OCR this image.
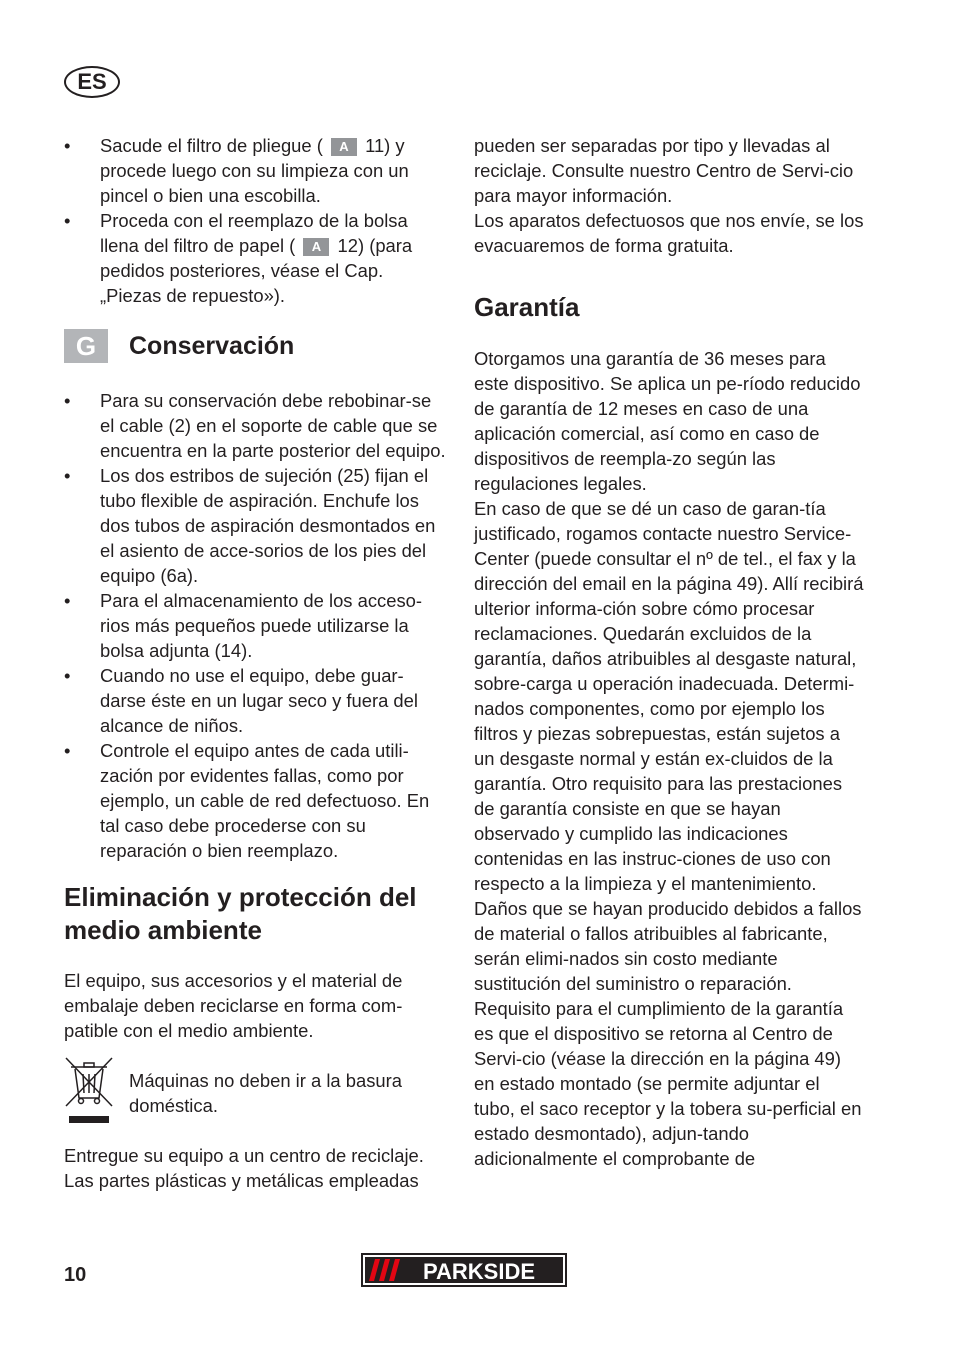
ES
• Sacude el filtro de pliegue ( A 11) y procede luego con su limpieza con un pincel o bien una escobilla.
• Proceda con el reemplazo de la bolsa llena del filtro de papel ( A 12) (para pedidos posteriores, véase el Cap. „Piezas de repuesto»).
G	Conservación
• Para su conservación debe rebobinar-se el cable (2) en el soporte de cable que se encuentra en la parte posterior del equipo.
• Los dos estribos de sujeción (25) fijan el tubo flexible de aspiración. Enchufe los dos tubos de aspiración desmontados en el asiento de acce-sorios de los pies del equipo (6a).
• Para el almacenamiento de los acceso-rios más pequeños puede utilizarse la bolsa adjunta (14).
• Cuando no use el equipo, debe guar-darse éste en un lugar seco y fuera del alcance de niños.
• Controle el equipo antes de cada utili-zación por evidentes fallas, como por ejemplo, un cable de red defectuoso. En tal caso debe procederse con su reparación o bien reemplazo.
Eliminación y protección del medio ambiente

El equipo, sus accesorios y el material de embalaje deben reciclarse en forma com-patible con el medio ambiente.

Máquinas no deben ir a la basura doméstica.

Entregue su equipo a un centro de reciclaje. Las partes plásticas y metálicas empleadas

pueden ser separadas por tipo y llevadas al reciclaje. Consulte nuestro Centro de Servi-cio para mayor información.

Los aparatos defectuosos que nos envíe, se los evacuaremos de forma gratuita.

Garantía

Otorgamos una garantía de 36 meses para este dispositivo. Se aplica un pe-ríodo reducido de garantía de 12 meses en caso de una aplicación comercial, así como en caso de dispositivos de reempla-zo según las regulaciones legales.

En caso de que se dé un caso de garan-tía justificado, rogamos contacte nuestro Service-Center (puede consultar el nº de tel., el fax y la dirección del email en la página 49). Allí recibirá ulterior informa-ción sobre cómo procesar reclamaciones. Quedarán excluidos de la garantía, daños atribuibles al desgaste natural, sobre-carga u operación inadecuada. Determi-nados componentes, como por ejemplo los filtros y piezas sobrepuestas, están sujetos a un desgaste normal y están ex-cluidos de la garantía. Otro requisito para las prestaciones de garantía consiste en que se hayan observado y cumplido las indicaciones contenidas en las instruc-ciones de uso con respecto a la limpieza y el mantenimiento. Daños que se hayan producido debidos a fallos de material o fallos atribuibles al fabricante, serán elimi-nados sin costo mediante sustitución del suministro o reparación. Requisito para el cumplimiento de la garantía es que el dispositivo se retorna al Centro de Servi-cio (véase la dirección en la página 49) en estado montado (se permite adjuntar el tubo, el saco receptor y la tobera su-perficial en estado desmontado), adjun-tando adicionalmente el comprobante de

10	PARKSIDE
